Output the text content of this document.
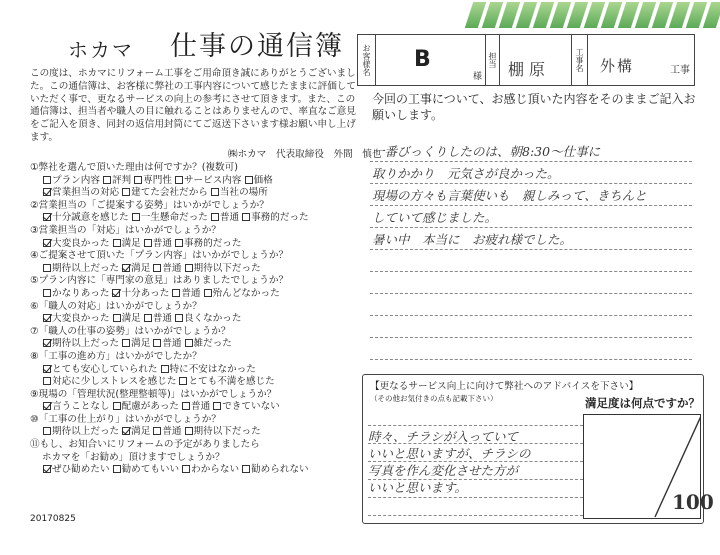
ホカマ 仕事の通信簿
この度は、ホカマにリフォーム工事をご用命頂き誠にありがとうございました。この通信簿は、お客様に弊社の工事内容について感じたままに評価していただく事で、更なるサービスの向上の参考にさせて頂きます。また、この通信簿は、担当者や職人の目に触れることはありませんので、率直なご意見をご記入を頂き、同封の返信用封筒にてご返送下さいます様お願い申し上げます。
㈱ホカマ　代表取締役　外間　慎也
①弊社を選んで頂いた理由は何ですか？(複数可)
プラン内容 評判 専門性 サービス内容 価格
営業担当の対応 建てた会社だから 当社の場所
②営業担当の「ご提案する姿勢」はいかがでしょうか？
十分誠意を感じた 一生懸命だった 普通 事務的だった
③営業担当の「対応」はいかがでしょうか？
大変良かった 満足 普通 事務的だった
④ご提案させて頂いた「プラン内容」はいかがでしょうか？
期待以上だった 満足 普通 期待以下だった
⑤プラン内容に「専門家の意見」はありましたでしょうか？
かなりあった 十分あった 普通 殆んどなかった
⑥「職人の対応」はいかがでしょうか？
大変良かった 満足 普通 良くなかった
⑦「職人の仕事の姿勢」はいかがでしょうか？
期待以上だった 満足 普通 雑だった
⑧「工事の進め方」はいかがでしたか？
とても安心していられた 特に不安はなかった
対応に少しストレスを感じた とても不満を感じた
⑨現場の「管理状況(整理整頓等)」はいかがでしょうか？
言うことなし 配慮があった 普通 できていない
⑩「工事の仕上がり」はいかがでしょうか？
期待以上だった 満足 普通 期待以下だった
⑪もし、お知合いにリフォームの予定がありましたら
ホカマを「お勧め」頂けますでしょうか？
ぜひ勧めたい 勧めてもいい わからない 勧められない
20170825
お客様名 B
様
担当 棚原	工事名 外構	工事
今回の工事について、お感じ頂いた内容をそのままご記入お願いします。
一番びっくりしたのは、朝8:30〜仕事に
取りかかり　元気さが良かった。
現場の方々も言葉使いも　親しみって、きちんと
していて感じました。
暑い中　本当に　お疲れ様でした。
【更なるサービス向上に向けて弊社へのアドバイスを下さい】
（その他お気付きの点も記載下さい）
時々、チラシが入っていて
いいと思いますが、チラシの
写真を作ん変化させた方が
いいと思います。
満足度は何点ですか？
100
